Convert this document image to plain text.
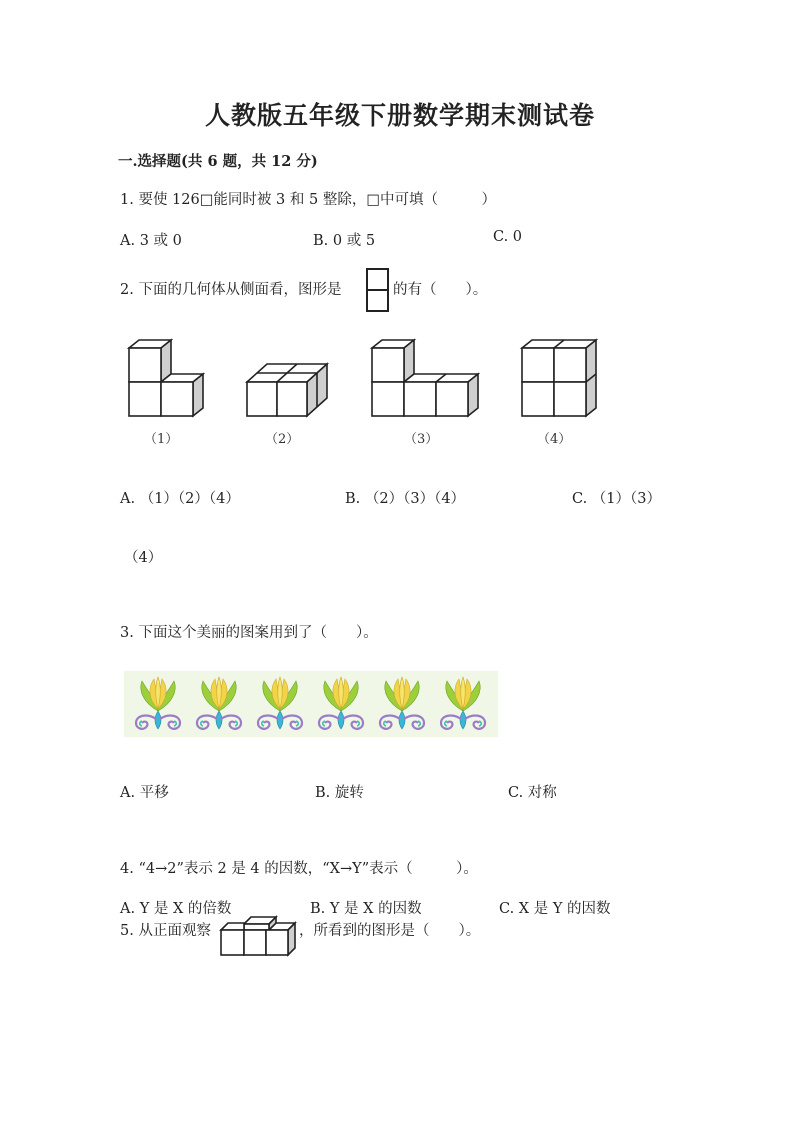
人教版五年级下册数学期末测试卷
一.选择题(共 6 题，共 12 分)
1. 要使 126□能同时被 3 和 5 整除，□中可填（　　　）
A. 3 或 0	B. 0 或 5	C. 0
2. 下面的几何体从侧面看，图形是	的有（　　）。
（1）	（2）	（3）	（4）
A. （1）（2）（4）	B. （2）（3）（4）	C. （1）（3）
（4）
3. 下面这个美丽的图案用到了（　　）。
A. 平移	B. 旋转	C. 对称
4. “4→2”表示 2 是 4 的因数，“X→Y”表示（　　　）。
A. Y 是 X 的倍数	B. Y 是 X 的因数	C. X 是 Y 的因数
5. 从正面观察	，所看到的图形是（　　）。
